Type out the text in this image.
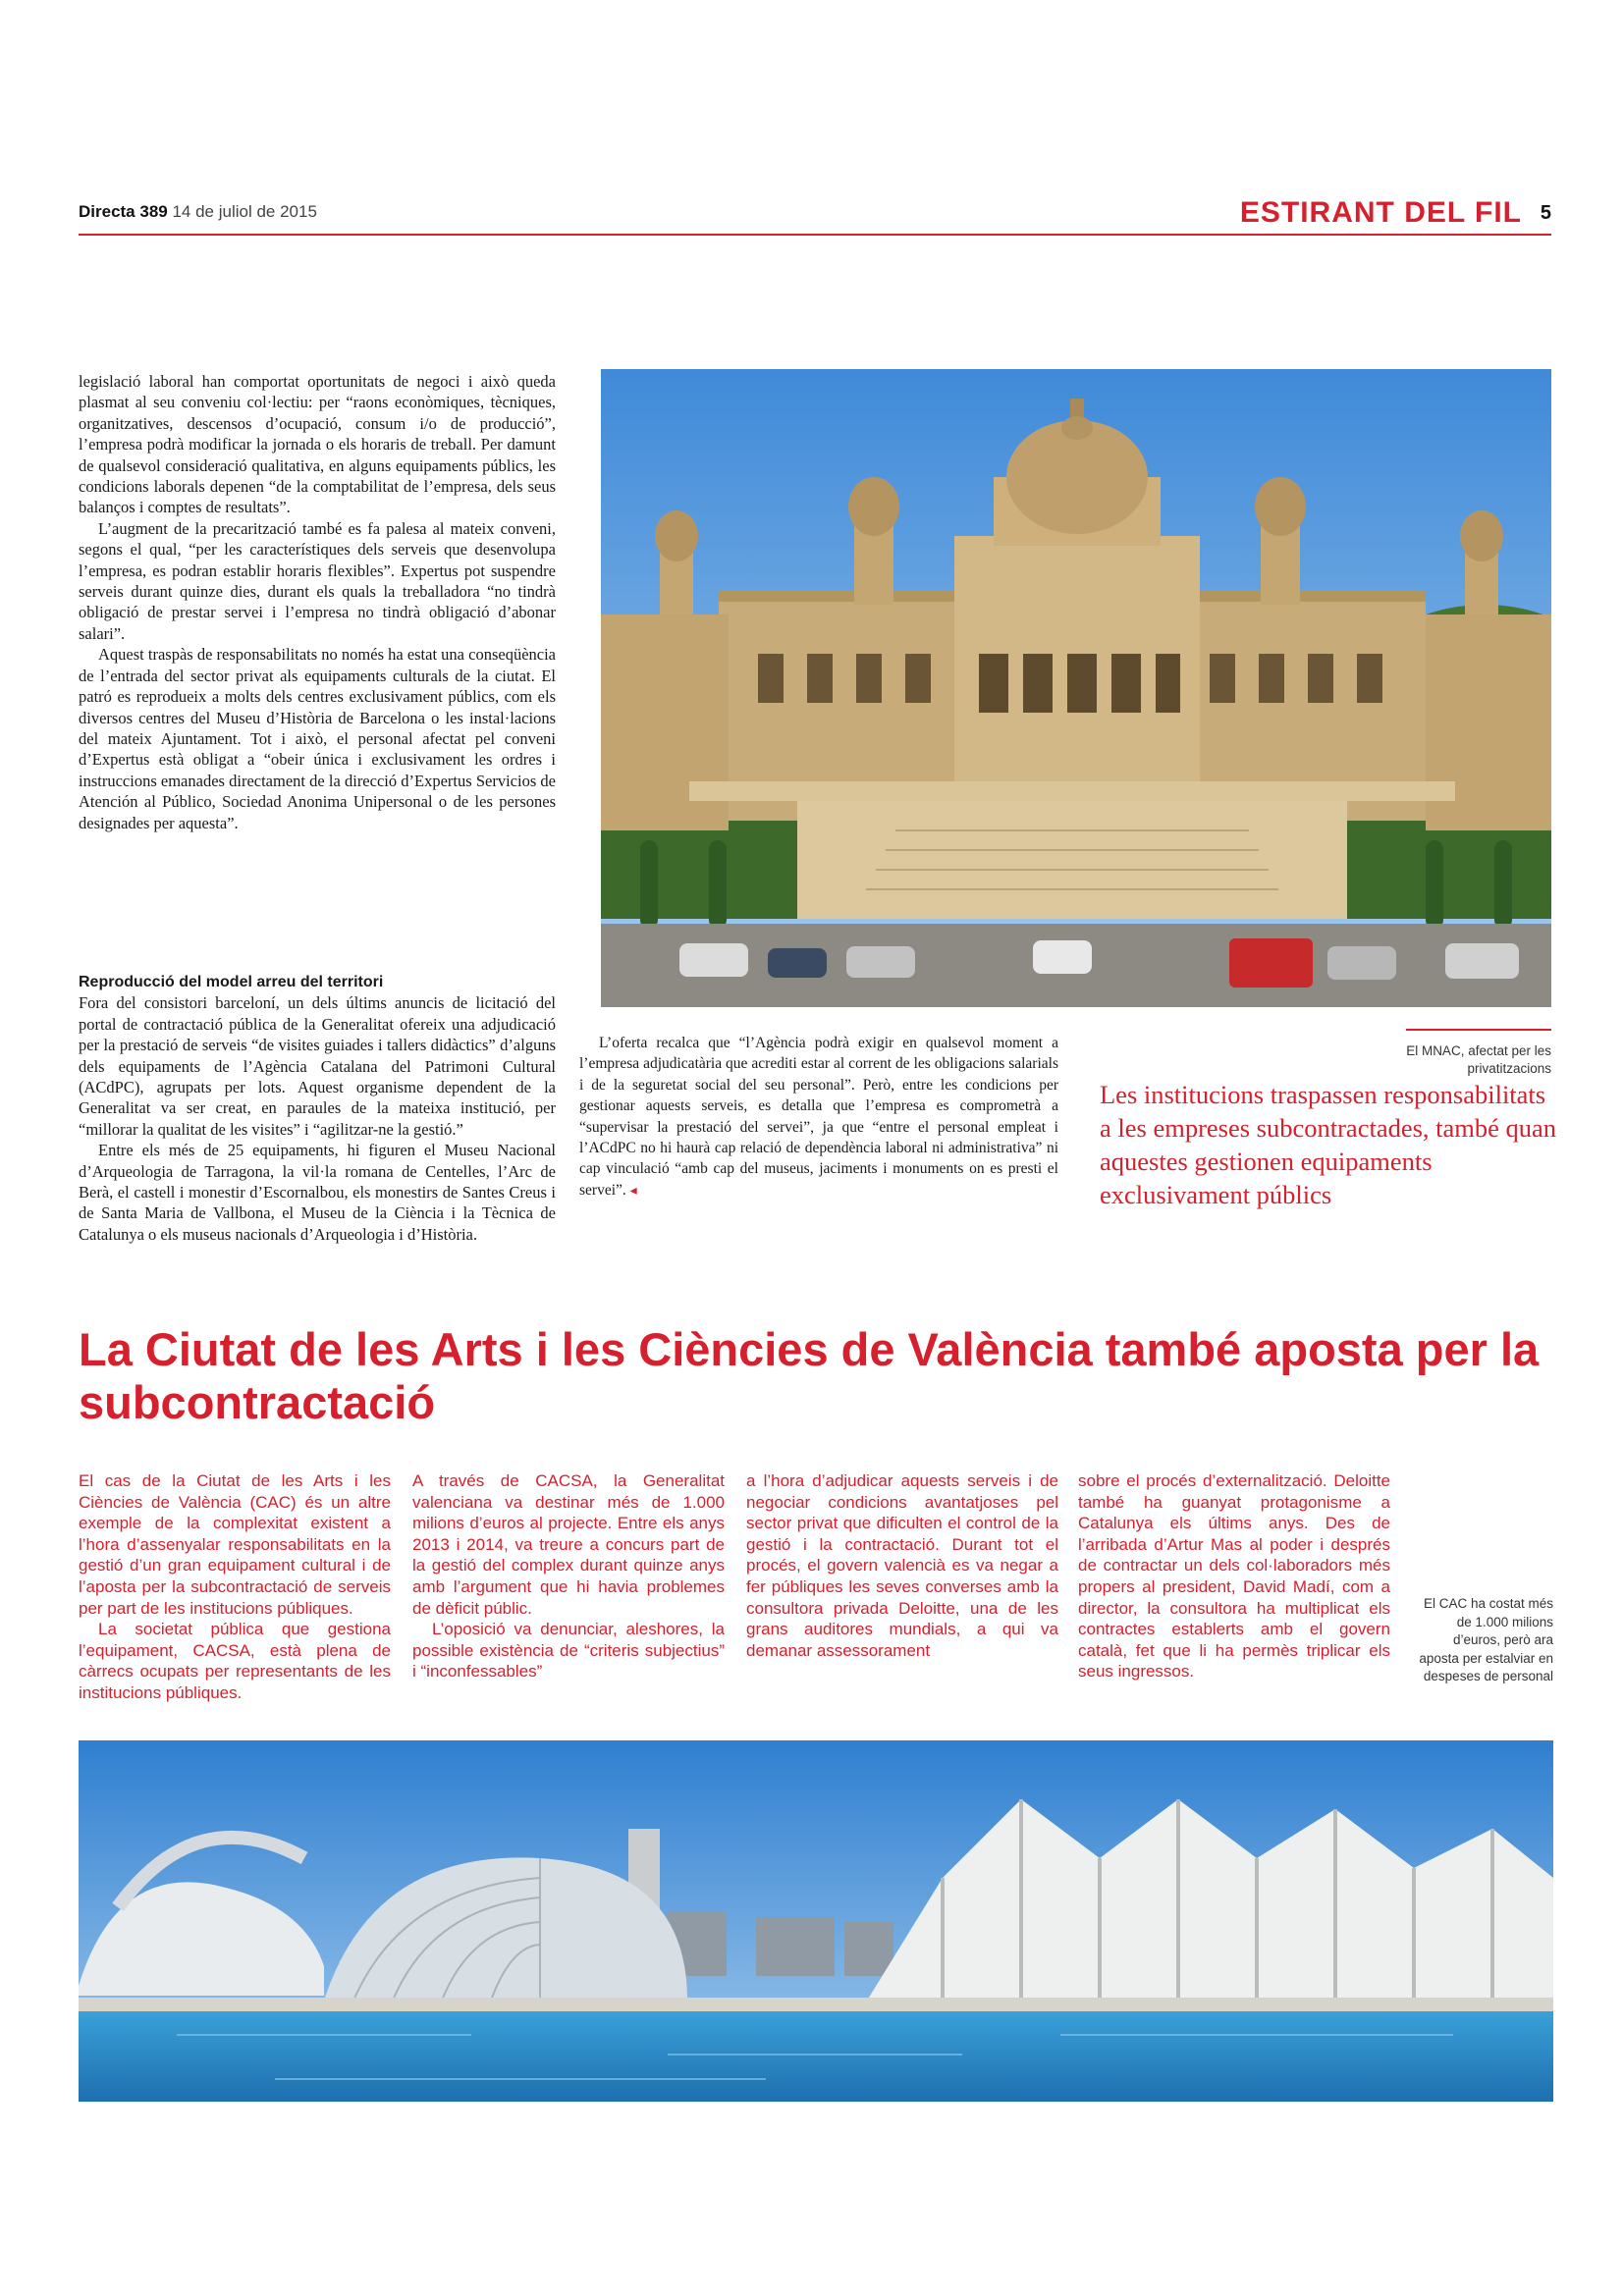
Directa 389 14 de juliol de 2015	ESTIRANT DEL FIL 5

legislació laboral han comportat oportunitats de negoci i això queda plasmat al seu conveniu col·lectiu: per “raons econòmiques, tècniques, organitzatives, descensos d’ocupació, consum i/o de producció”, l’empresa podrà modificar la jornada o els horaris de treball. Per damunt de qualsevol consideració qualitativa, en alguns equipaments públics, les condicions laborals depenen “de la comptabilitat de l’empresa, dels seus balanços i comptes de resultats”.

L’augment de la precarització també es fa palesa al mateix conveni, segons el qual, “per les característiques dels serveis que desenvolupa l’empresa, es podran establir horaris flexibles”. Expertus pot suspendre serveis durant quinze dies, durant els quals la treballadora “no tindrà obligació de prestar servei i l’empresa no tindrà obligació d’abonar salari”.

Aquest traspàs de responsabilitats no només ha estat una conseqüència de l’entrada del sector privat als equipaments culturals de la ciutat. El patró es reprodueix a molts dels centres exclusivament públics, com els diversos centres del Museu d’Història de Barcelona o les instal·lacions del mateix Ajuntament. Tot i això, el personal afectat pel conveni d’Expertus està obligat a “obeir única i exclusivament les ordres i instruccions emanades directament de la direcció d’Expertus Servicios de Atención al Público, Sociedad Anonima Unipersonal o de les persones designades per aquesta”.

Reproducció del model arreu del territori

Fora del consistori barceloní, un dels últims anuncis de licitació del portal de contractació pública de la Generalitat ofereix una adjudicació per la prestació de serveis “de visites guiades i tallers didàctics” d’alguns dels equipaments de l’Agència Catalana del Patrimoni Cultural (ACdPC), agrupats per lots. Aquest organisme dependent de la Generalitat va ser creat, en paraules de la mateixa institució, per “millorar la qualitat de les visites” i “agilitzar-ne la gestió.”

Entre els més de 25 equipaments, hi figuren el Museu Nacional d’Arqueologia de Tarragona, la vil·la romana de Centelles, l’Arc de Berà, el castell i monestir d’Escornalbou, els monestirs de Santes Creus i de Santa Maria de Vallbona, el Museu de la Ciència i la Tècnica de Catalunya o els museus nacionals d’Arqueologia i d’Història.

L’oferta recalca que “l’Agència podrà exigir en qualsevol moment a l’empresa adjudicatària que acrediti estar al corrent de les obligacions salarials i de la seguretat social del seu personal”. Però, entre les condicions per gestionar aquests serveis, es detalla que l’empresa es comprometrà a “supervisar la prestació del servei”, ja que “entre el personal empleat i l’ACdPC no hi haurà cap relació de dependència laboral ni administrativa” ni cap vinculació “amb cap del museus, jaciments i monuments on es presti el servei”. ◂

El MNAC, afectat per les privatitzacions
Les institucions traspassen responsabilitats a les empreses subcontractades, també quan aquestes gestionen equipaments exclusivament públics
La Ciutat de les Arts i les Ciències de València també aposta per la subcontractació

El cas de la Ciutat de les Arts i les Ciències de València (CAC) és un altre exemple de la complexitat existent a l’hora d’assenyalar responsabilitats en la gestió d’un gran equipament cultural i de l’aposta per la subcontractació de serveis per part de les institucions públiques.

La societat pública que gestiona l’equipament, CACSA, està plena de càrrecs ocupats per representants de les institucions públiques.

A través de CACSA, la Generalitat valenciana va destinar més de 1.000 milions d’euros al projecte. Entre els anys 2013 i 2014, va treure a concurs part de la gestió del complex durant quinze anys amb l’argument que hi havia problemes de dèficit públic.

L’oposició va denunciar, aleshores, la possible existència de “criteris subjectius” i “inconfessables”

a l’hora d’adjudicar aquests serveis i de negociar condicions avantatjoses pel sector privat que dificulten el control de la gestió i la contractació. Durant tot el procés, el govern valencià es va negar a fer públiques les seves converses amb la consultora privada Deloitte, una de les grans auditores mundials, a qui va demanar assessorament

sobre el procés d’externalització. Deloitte també ha guanyat protagonisme a Catalunya els últims anys. Des de l’arribada d’Artur Mas al poder i després de contractar un dels col·laboradors més propers al president, David Madí, com a director, la consultora ha multiplicat els contractes establerts amb el govern català, fet que li ha permès triplicar els seus ingressos.

El CAC ha costat més de 1.000 milions d’euros, però ara aposta per estalviar en despeses de personal
